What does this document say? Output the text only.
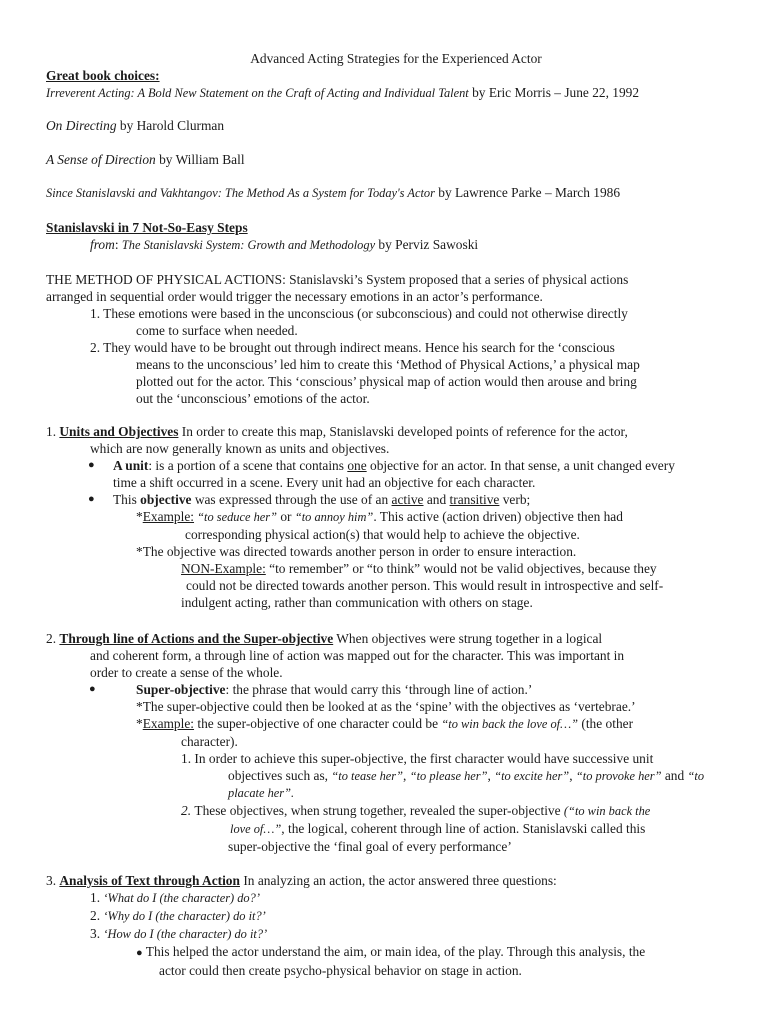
Advanced Acting Strategies for the Experienced Actor
Great book choices:
Irreverent Acting: A Bold New Statement on the Craft of Acting and Individual Talent by Eric Morris – June 22, 1992
On Directing by Harold Clurman
A Sense of Direction by William Ball
Since Stanislavski and Vakhtangov: The Method As a System for Today's Actor by Lawrence Parke – March 1986
Stanislavski in 7 Not-So-Easy Steps
from: The Stanislavski System: Growth and Methodology by Perviz Sawoski
THE METHOD OF PHYSICAL ACTIONS: Stanislavski’s System proposed that a series of physical actions
arranged in sequential order would trigger the necessary emotions in an actor’s performance.
1. These emotions were based in the unconscious (or subconscious) and could not otherwise directly
come to surface when needed.
2. They would have to be brought out through indirect means. Hence his search for the ‘conscious
means to the unconscious’ led him to create this ‘Method of Physical Actions,’ a physical map
plotted out for the actor. This ‘conscious’ physical map of action would then arouse and bring
out the ‘unconscious’ emotions of the actor.
1. Units and Objectives In order to create this map, Stanislavski developed points of reference for the actor,
which are now generally known as units and objectives.
● A unit: is a portion of a scene that contains one objective for an actor. In that sense, a unit changed every
time a shift occurred in a scene. Every unit had an objective for each character.
● This objective was expressed through the use of an active and transitive verb;
*Example: “to seduce her” or “to annoy him”. This active (action driven) objective then had
corresponding physical action(s) that would help to achieve the objective.
*The objective was directed towards another person in order to ensure interaction.
NON-Example: “to remember” or “to think” would not be valid objectives, because they
could not be directed towards another person. This would result in introspective and self-
indulgent acting, rather than communication with others on stage.
2. Through line of Actions and the Super-objective When objectives were strung together in a logical
and coherent form, a through line of action was mapped out for the character. This was important in
order to create a sense of the whole.
●	Super-objective: the phrase that would carry this ‘through line of action.’
*The super-objective could then be looked at as the ‘spine’ with the objectives as ‘vertebrae.’
*Example: the super-objective of one character could be “to win back the love of…” (the other
character).
1. In order to achieve this super-objective, the first character would have successive unit
objectives such as, “to tease her”, “to please her”, “to excite her”, “to provoke her” and “to
placate her”.
2. These objectives, when strung together, revealed the super-objective (“to win back the
love of…”, the logical, coherent through line of action. Stanislavski called this
super-objective the ‘final goal of every performance’
3. Analysis of Text through Action In analyzing an action, the actor answered three questions:
1. ‘What do I (the character) do?’
2. ‘Why do I (the character) do it?’
3. ‘How do I (the character) do it?’
● This helped the actor understand the aim, or main idea, of the play. Through this analysis, the
actor could then create psycho-physical behavior on stage in action.
